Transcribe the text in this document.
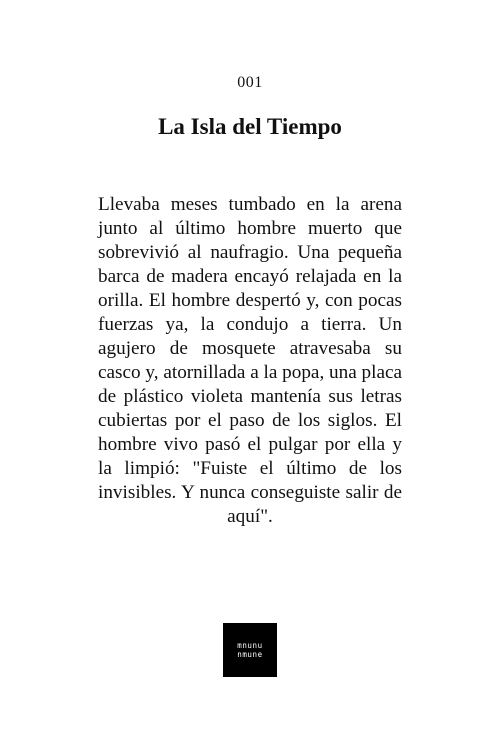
001
La Isla del Tiempo

Llevaba meses tumbado en la arena junto al último hombre muerto que sobrevivió al naufragio. Una pequeña barca de madera encayó relajada en la orilla. El hombre despertó y, con pocas fuerzas ya, la condujo a tierra. Un agujero de mosquete atravesaba su casco y, atornillada a la popa, una placa de plástico violeta mantenía sus letras cubiertas por el paso de los siglos. El hombre vivo pasó el pulgar por ella y la limpió: "Fuiste el último de los invisibles. Y nunca conseguiste salir de aquí".

mnunu
nmune
